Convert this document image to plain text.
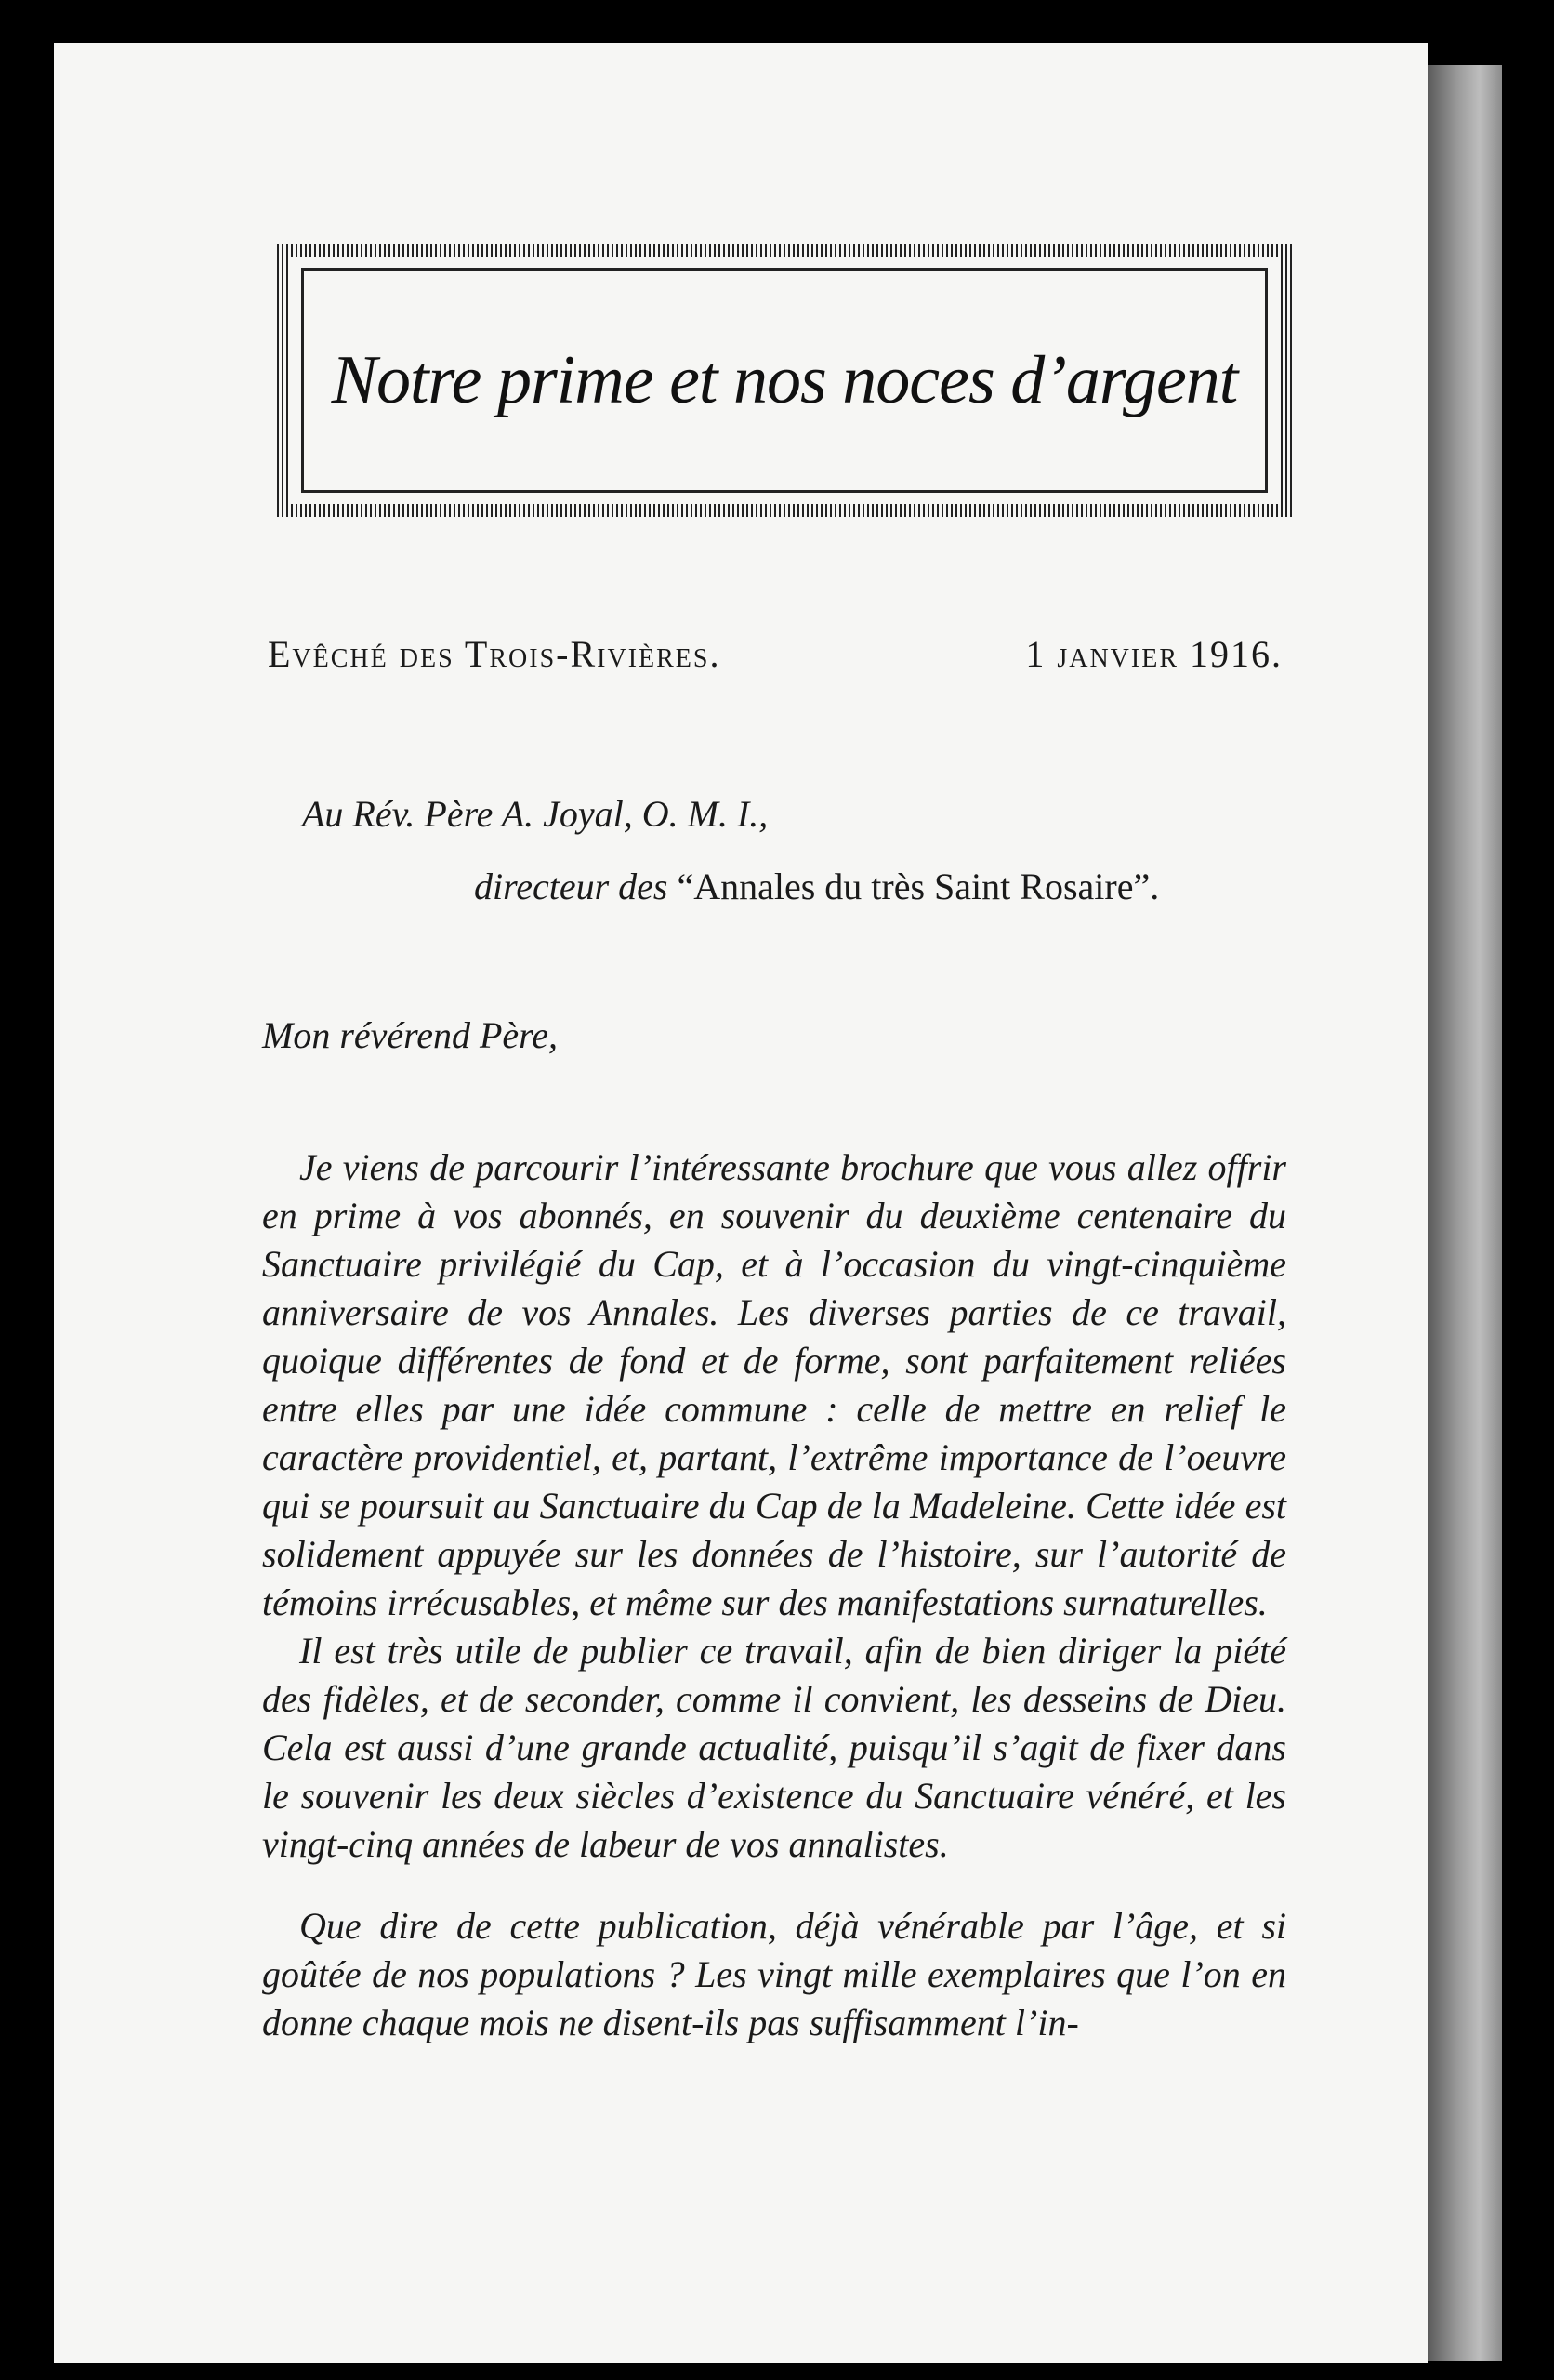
Notre prime et nos noces d’argent
Evêché des Trois-Rivières.	1 janvier 1916.
Au Rév. Père A. Joyal, O. M. I.,
directeur des “Annales du très Saint Rosaire”.
Mon révérend Père,

Je viens de parcourir l’intéressante brochure que vous allez offrir en prime à vos abonnés, en souvenir du deuxième centenaire du Sanctuaire privilégié du Cap, et à l’occasion du vingt-cinquième anniversaire de vos Annales. Les diverses parties de ce travail, quoique différentes de fond et de forme, sont parfaitement reliées entre elles par une idée commune : celle de mettre en relief le caractère providentiel, et, partant, l’extrême importance de l’oeuvre qui se poursuit au Sanctuaire du Cap de la Madeleine. Cette idée est solidement appuyée sur les données de l’histoire, sur l’autorité de témoins irrécusables, et même sur des manifestations surnaturelles.

Il est très utile de publier ce travail, afin de bien diriger la piété des fidèles, et de seconder, comme il convient, les desseins de Dieu. Cela est aussi d’une grande actualité, puisqu’il s’agit de fixer dans le souvenir les deux siècles d’existence du Sanctuaire vénéré, et les vingt-cinq années de labeur de vos annalistes.

Que dire de cette publication, déjà vénérable par l’âge, et si goûtée de nos populations ? Les vingt mille exemplaires que l’on en donne chaque mois ne disent-ils pas suffisamment l’in-
